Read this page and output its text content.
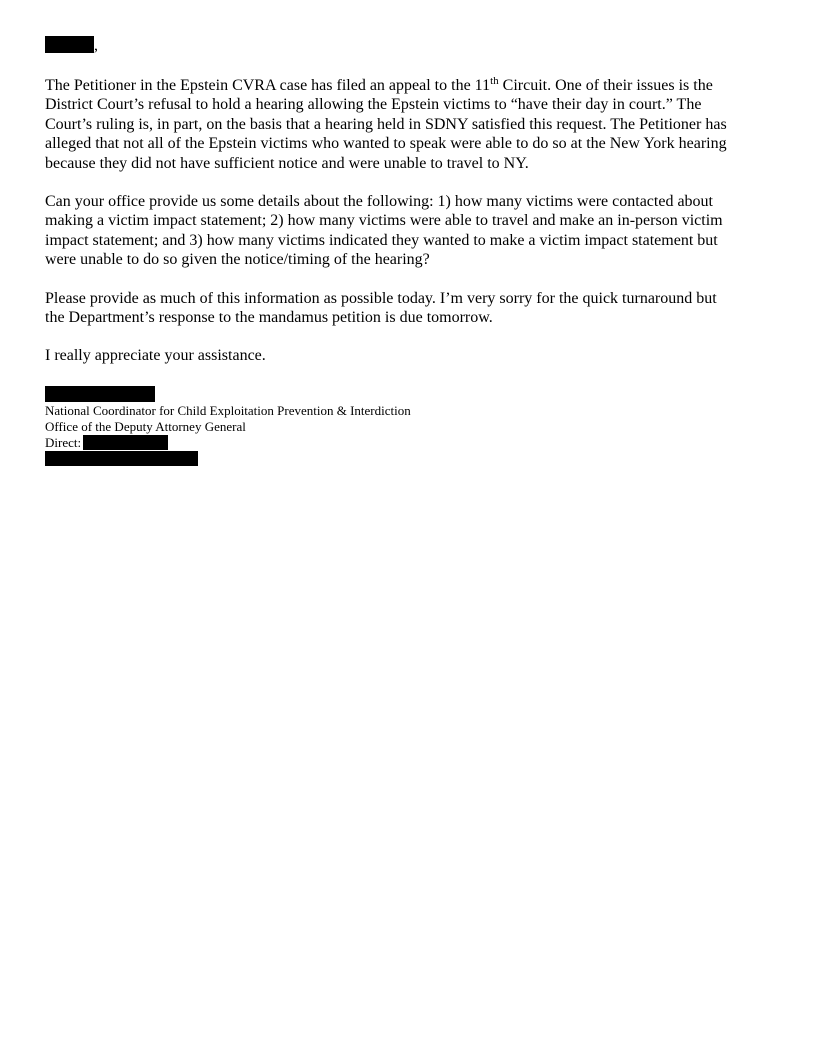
,

The Petitioner in the Epstein CVRA case has filed an appeal to the 11th Circuit. One of their issues is the
District Court’s refusal to hold a hearing allowing the Epstein victims to “have their day in court.” The
Court’s ruling is, in part, on the basis that a hearing held in SDNY satisfied this request. The Petitioner has
alleged that not all of the Epstein victims who wanted to speak were able to do so at the New York hearing
because they did not have sufficient notice and were unable to travel to NY.

Can your office provide us some details about the following: 1) how many victims were contacted about
making a victim impact statement; 2) how many victims were able to travel and make an in-person victim
impact statement; and 3) how many victims indicated they wanted to make a victim impact statement but
were unable to do so given the notice/timing of the hearing?

Please provide as much of this information as possible today. I’m very sorry for the quick turnaround but
the Department’s response to the mandamus petition is due tomorrow.

I really appreciate your assistance.

National Coordinator for Child Exploitation Prevention & Interdiction
Office of the Deputy Attorney General
Direct:
